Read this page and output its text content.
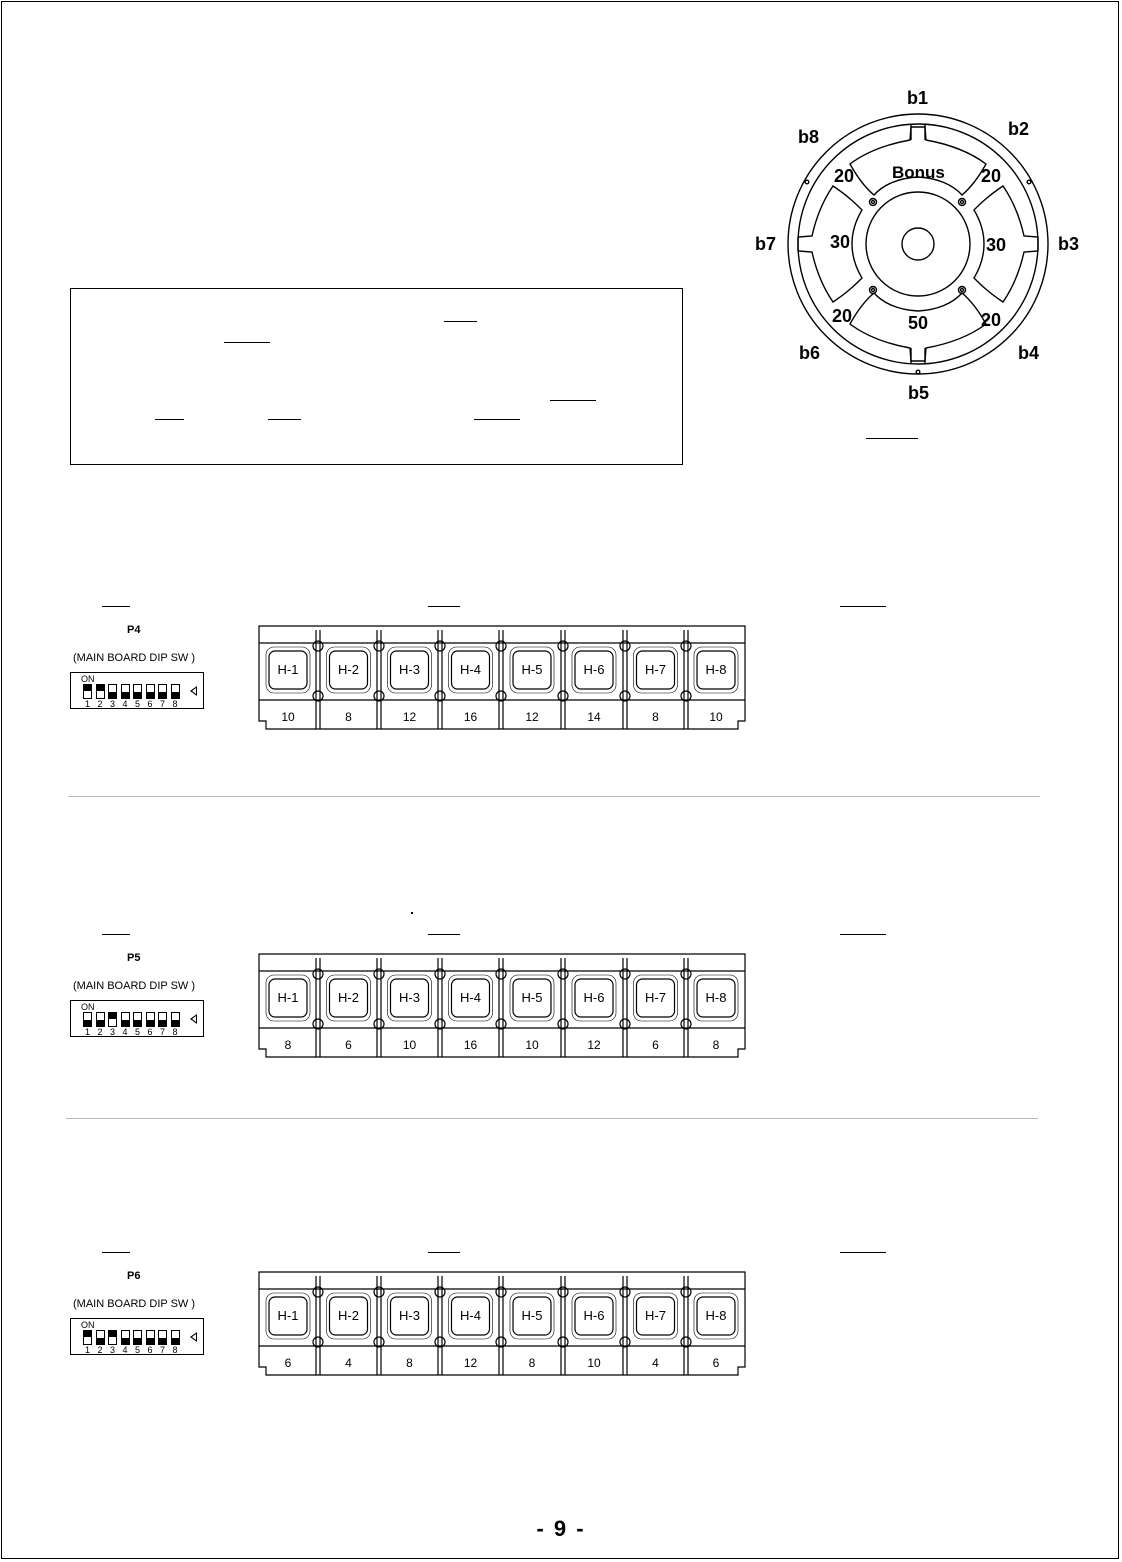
Bonus
20	20
30	30
20	50	20
b1
b2
b3
b4
b5
b6
b7
b8
P4
(MAIN BOARD DIP SW )
ON
1 2 3 4 5 6 7 8
H-1
10
H-2
8
H-3
12
H-4
16
H-5
12
H-6
14
H-7
8
H-8
10
P5
(MAIN BOARD DIP SW )
ON
1 2 3 4 5 6 7 8
H-1
8
H-2
6
H-3
10
H-4
16
H-5
10
H-6
12
H-7
6
H-8
8
P6
(MAIN BOARD DIP SW )
ON
1 2 3 4 5 6 7 8
H-1
6
H-2
4
H-3
8
H-4
12
H-5
8
H-6
10
H-7
4
H-8
6
- 9 -
